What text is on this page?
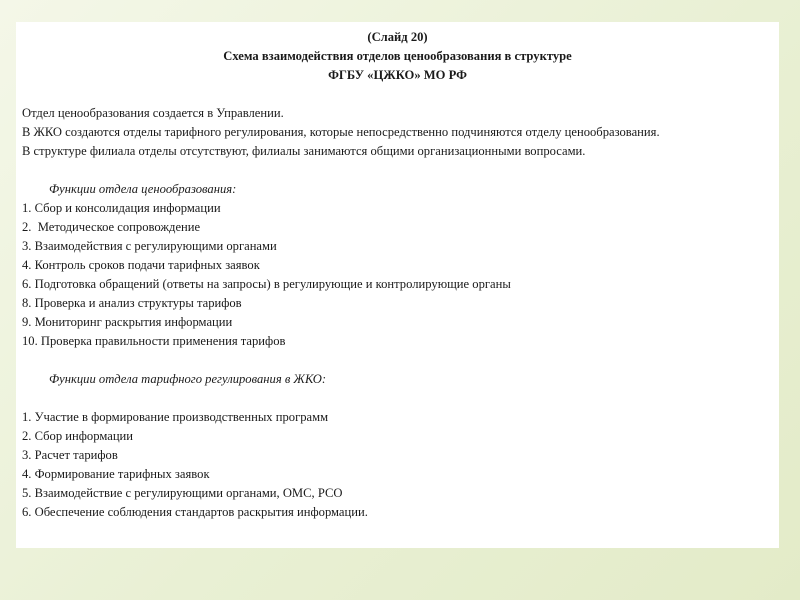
(Слайд 20)

Схема взаимодействия отделов ценообразования в структуре

ФГБУ «ЦЖКО» МО РФ

Отдел ценообразования создается в Управлении.

В ЖКО создаются отделы тарифного регулирования, которые непосредственно подчиняются отделу ценообразования.

В структуре филиала отделы отсутствуют, филиалы занимаются общими организационными вопросами.

Функции отдела ценообразования:

1. Сбор и консолидация информации
2.  Методическое сопровождение
3. Взаимодействия с регулирующими органами
4. Контроль сроков подачи тарифных заявок
6. Подготовка обращений (ответы на запросы) в регулирующие и контролирующие органы
8. Проверка и анализ структуры тарифов
9. Мониторинг раскрытия информации
10. Проверка правильности применения тарифов

Функции отдела тарифного регулирования в ЖКО:

1. Участие в формирование производственных программ
2. Сбор информации
3. Расчет тарифов
4. Формирование тарифных заявок
5. Взаимодействие с регулирующими органами, ОМС, РСО
6. Обеспечение соблюдения стандартов раскрытия информации.
